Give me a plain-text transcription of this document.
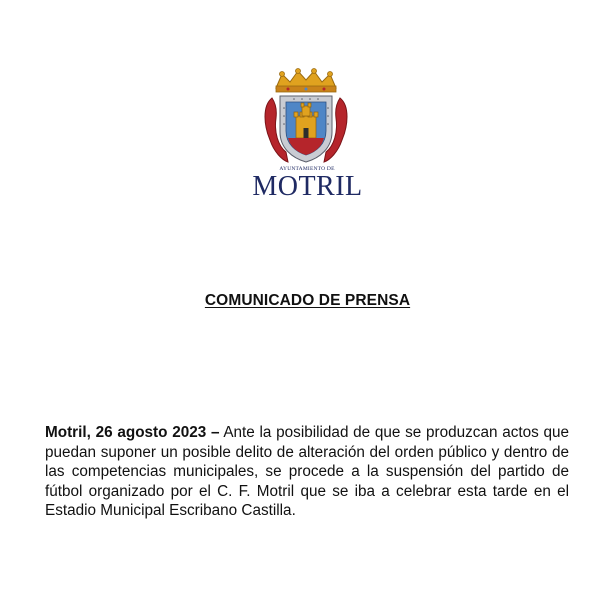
AYUNTAMIENTO DE
MOTRIL
COMUNICADO DE PRENSA

Motril, 26 agosto 2023 – Ante la posibilidad de que se produzcan actos que puedan suponer un posible delito de alteración del orden público y dentro de las competencias municipales, se procede a la suspensión del partido de fútbol organizado por el C. F. Motril que se iba a celebrar esta tarde en el Estadio Municipal Escribano Castilla.
